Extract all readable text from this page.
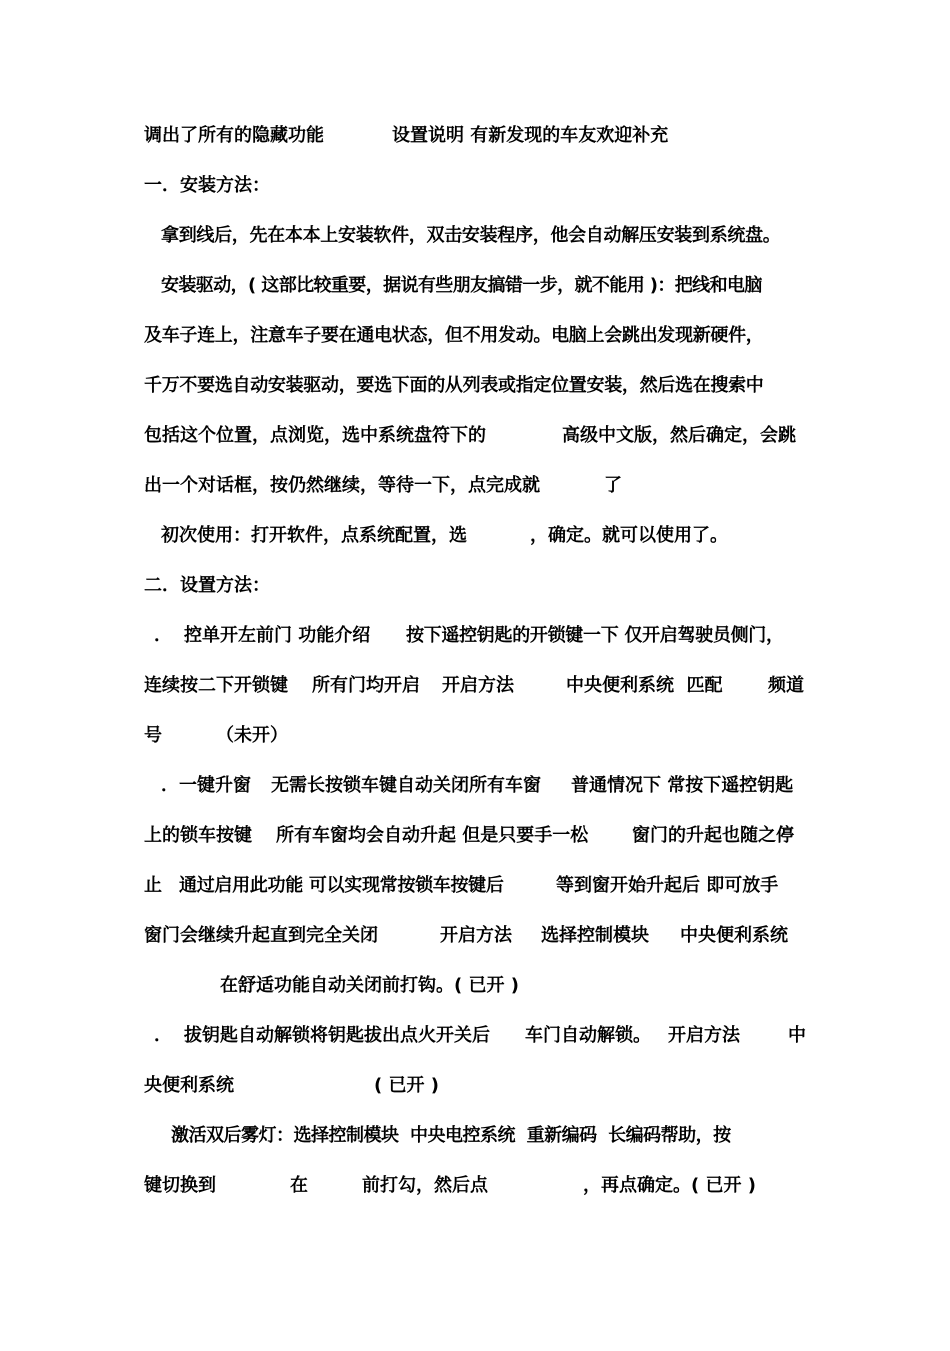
调出了所有的隐藏功能

	设置说明 有新发现的车友欢迎补充

一．安装方法：

拿到线后，先在本本上安装软件，双击安装程序，他会自动解压安装到系统盘。

安装驱动，( 这部比较重要，据说有些朋友搞错一步，就不能用 )：把线和电脑

及车子连上，注意车子要在通电状态，但不用发动。电脑上会跳出发现新硬件，

千万不要选自动安装驱动，要选下面的从列表或指定位置安装，然后选在搜索中

包括这个位置，点浏览，选中系统盘符下的

	高级中文版，然后确定，会跳

出一个对话框，按仍然继续，等待一下，点完成就

	了

初次使用：打开软件，点系统配置，选

	，确定。就可以使用了。

二．设置方法：

．

控单开左前门 功能介绍

按下遥控钥匙的开锁键一下 仅开启驾驶员侧门，

连续按二下开锁键

所有门均开启

开启方法

	中央便利系统  匹配

	频道

号

	（未开）

．一键升窗

无需长按锁车键自动关闭所有车窗

普通情况下 常按下遥控钥匙

上的锁车按键

所有车窗均会自动升起 但是只要手一松

窗门的升起也随之停

止

通过启用此功能 可以实现常按锁车按键后

	等到窗开始升起后 即可放手

窗门会继续升起直到完全关闭

	开启方法

选择控制模块

中央便利系统

在舒适功能自动关闭前打钩。( 已开 )

．

拔钥匙自动解锁将钥匙拔出点火开关后

车门自动解锁。

开启方法

	中

央便利系统

	( 已开 )

激活双后雾灯：选择控制模块  中央电控系统  重新编码  长编码帮助，按

键切换到

	在

	前打勾，然后点

	，再点确定。( 已开 )
